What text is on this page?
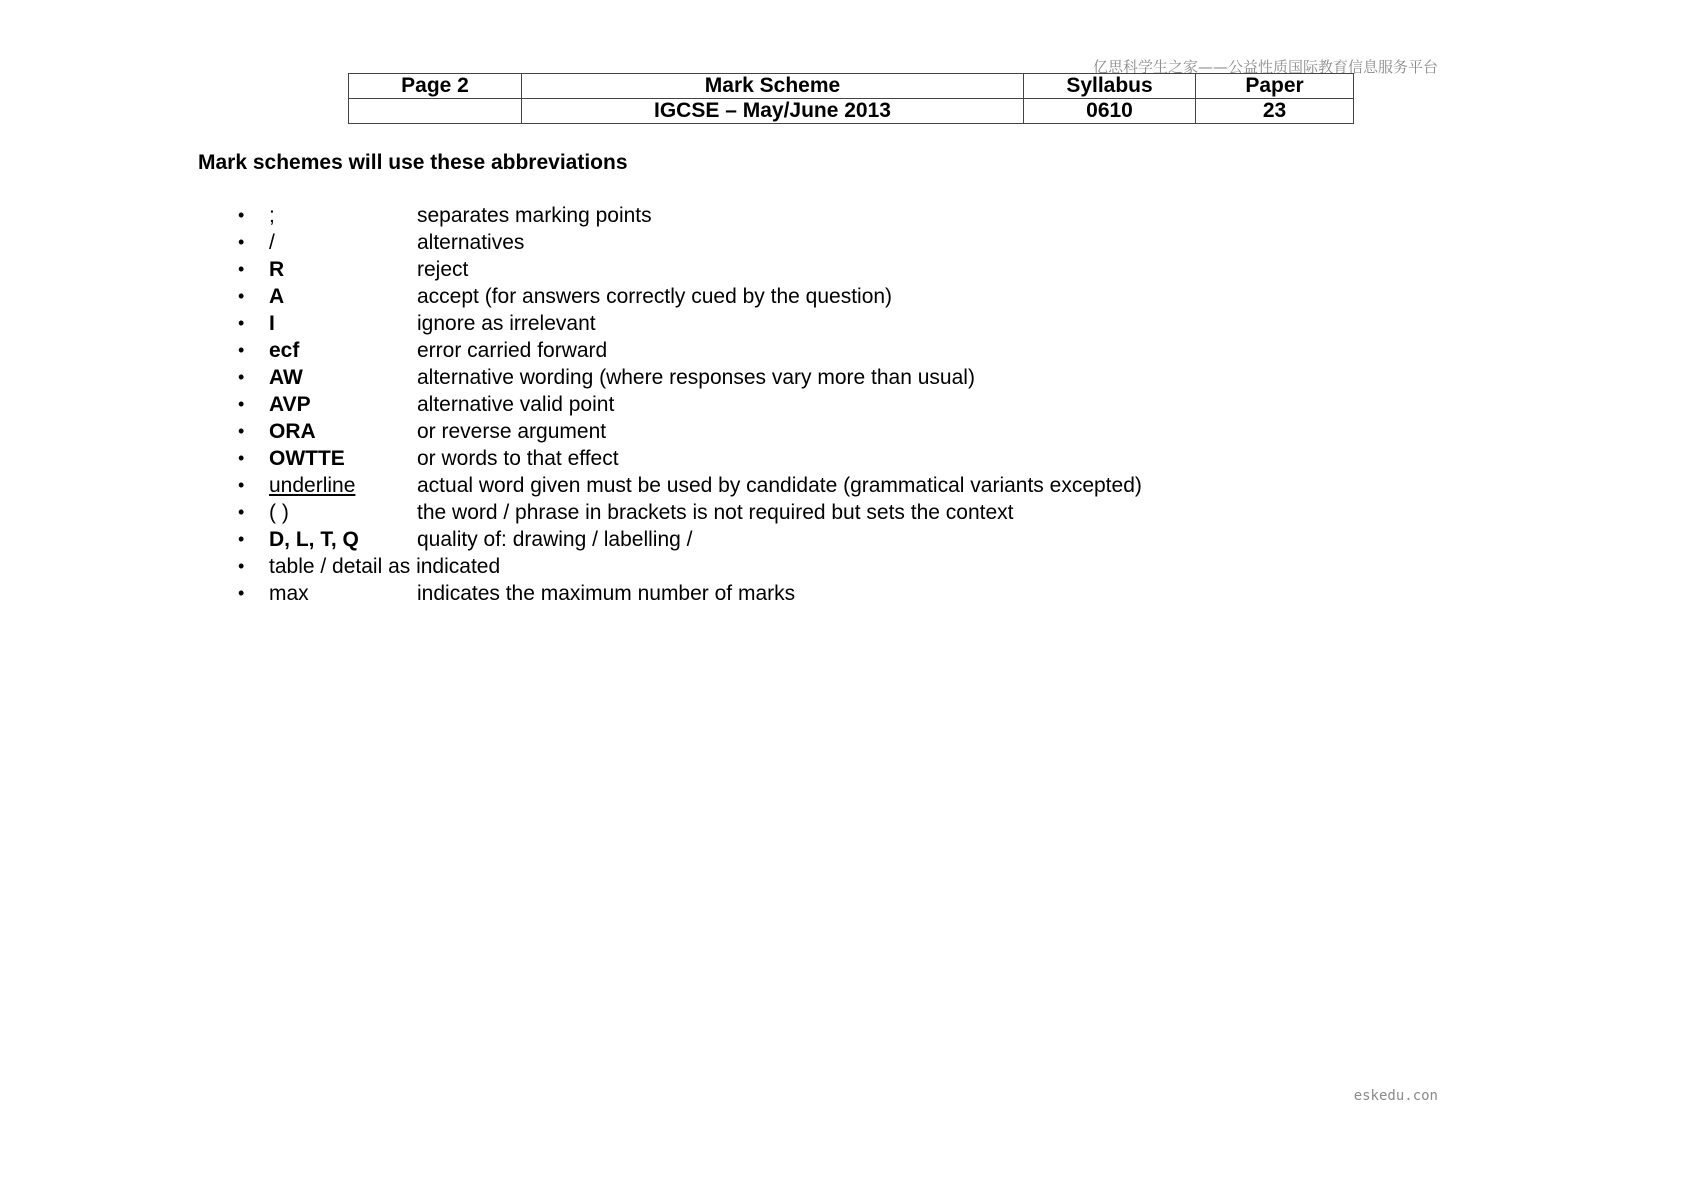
亿思科学生之家——公益性质国际教育信息服务平台
Page 2	Mark Scheme	Syllabus	Paper
	IGCSE – May/June 2013	0610	23
Mark schemes will use these abbreviations
•	;	separates marking points
•	/	alternatives
•	R	reject
•	A	accept (for answers correctly cued by the question)
•	I	ignore as irrelevant
•	ecf	error carried forward
•	AW	alternative wording (where responses vary more than usual)
•	AVP	alternative valid point
•	ORA	or reverse argument
•	OWTTE	or words to that effect
•	underline	actual word given must be used by candidate (grammatical variants excepted)
•	( )	the word / phrase in brackets is not required but sets the context
•	D, L, T, Q	quality of: drawing / labelling /
•	table / detail as indicated
•	max	indicates the maximum number of marks
eskedu.con
